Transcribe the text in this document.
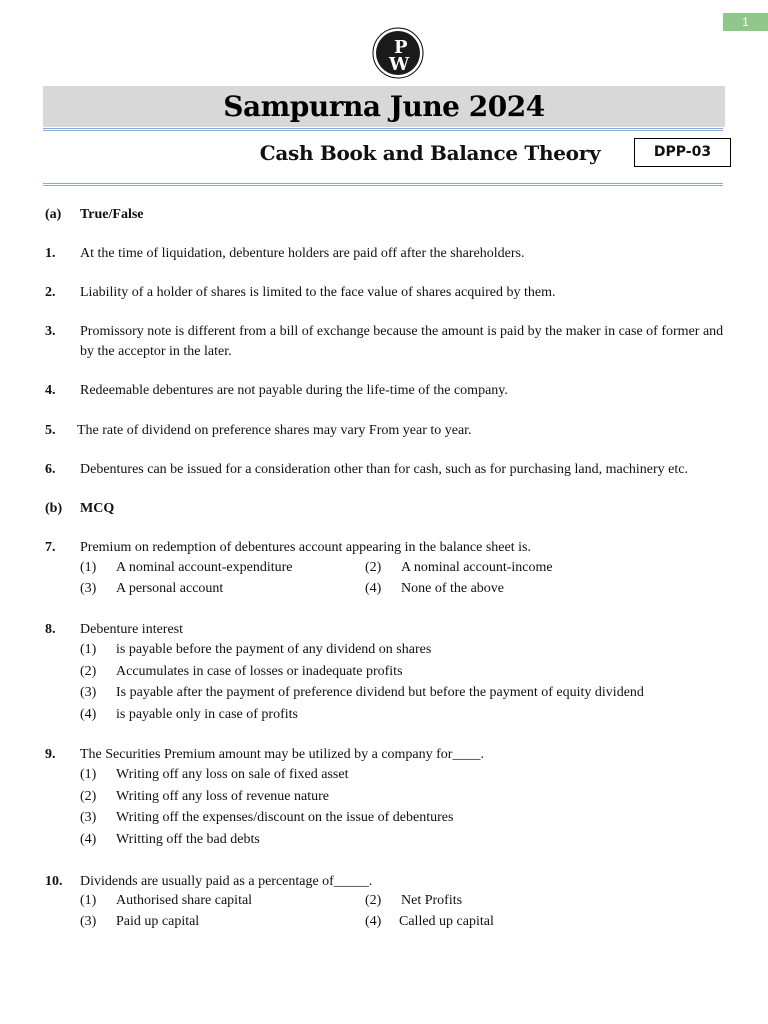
1
P
W
Sampurna June 2024
Cash Book and Balance Theory	DPP-03
(a) True/False
1. At the time of liquidation, debenture holders are paid off after the shareholders.
2. Liability of a holder of shares is limited to the face value of shares acquired by them.
3. Promissory note is different from a bill of exchange because the amount is paid by the maker in case of former and
by the acceptor in the later.
4. Redeemable debentures are not payable during the life-time of the company.
5. The rate of dividend on preference shares may vary From year to year.
6. Debentures can be issued for a consideration other than for cash, such as for purchasing land, machinery etc.
(b) MCQ
7. Premium on redemption of debentures account appearing in the balance sheet is.
(1) A nominal account-expenditure	(2) A nominal account-income
(3) A personal account	(4) None of the above
8. Debenture interest
(1) is payable before the payment of any dividend on shares
(2) Accumulates in case of losses or inadequate profits
(3) Is payable after the payment of preference dividend but before the payment of equity dividend
(4) is payable only in case of profits
9. The Securities Premium amount may be utilized by a company for____.
(1) Writing off any loss on sale of fixed asset
(2) Writing off any loss of revenue nature
(3) Writing off the expenses/discount on the issue of debentures
(4) Writting off the bad debts
10. Dividends are usually paid as a percentage of_____.
(1) Authorised share capital	(2) Net Profits
(3) Paid up capital	(4) Called up capital
